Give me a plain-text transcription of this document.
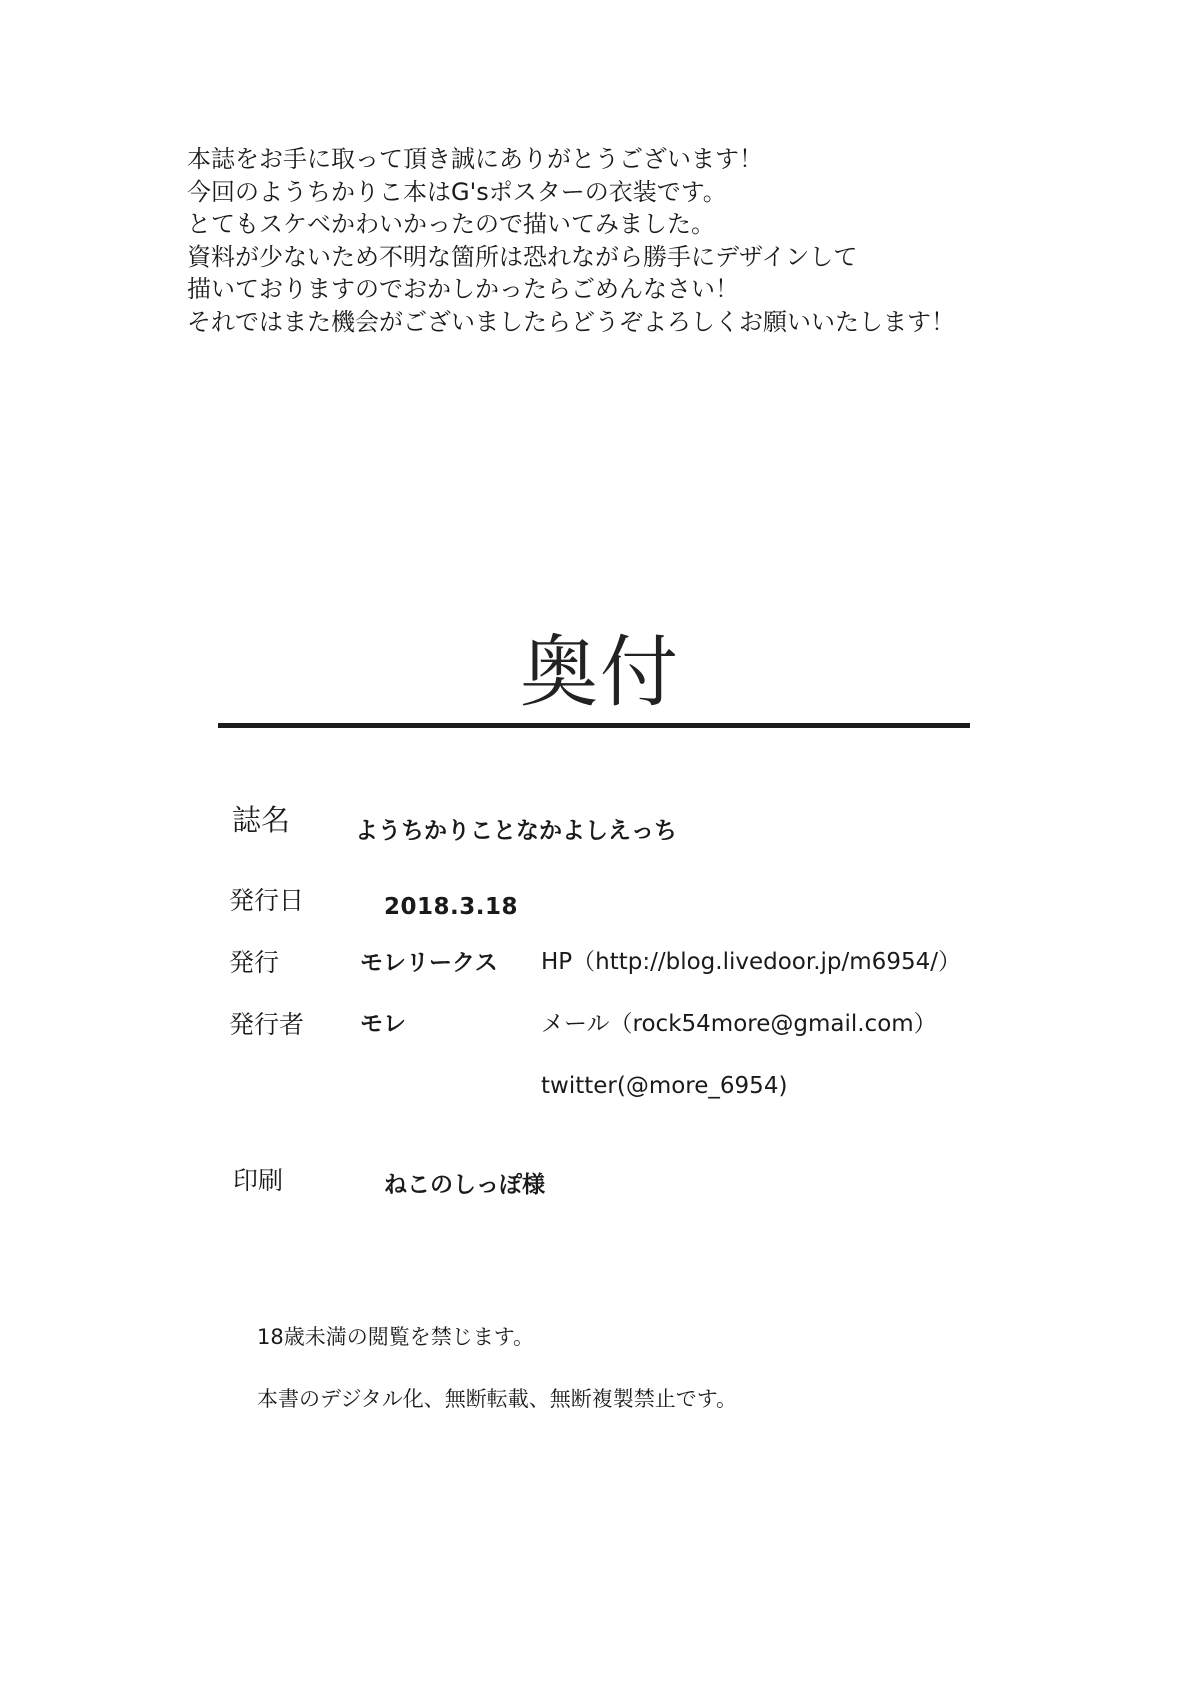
本誌をお手に取って頂き誠にありがとうございます！
今回のようちかりこ本はG'sポスターの衣装です。
とてもスケベかわいかったので描いてみました。
資料が少ないため不明な箇所は恐れながら勝手にデザインして
描いておりますのでおかしかったらごめんなさい！
それではまた機会がございましたらどうぞよろしくお願いいたします！
奥付
誌名	ようちかりことなかよしえっち
発行日	2018.3.18
発行	モレリークス HP（http://blog.livedoor.jp/m6954/）
発行者 モレ	メール（rock54more@gmail.com）
twitter(@more_6954)
印刷	ねこのしっぽ様
18歳未満の閲覧を禁じます。
本書のデジタル化、無断転載、無断複製禁止です。
